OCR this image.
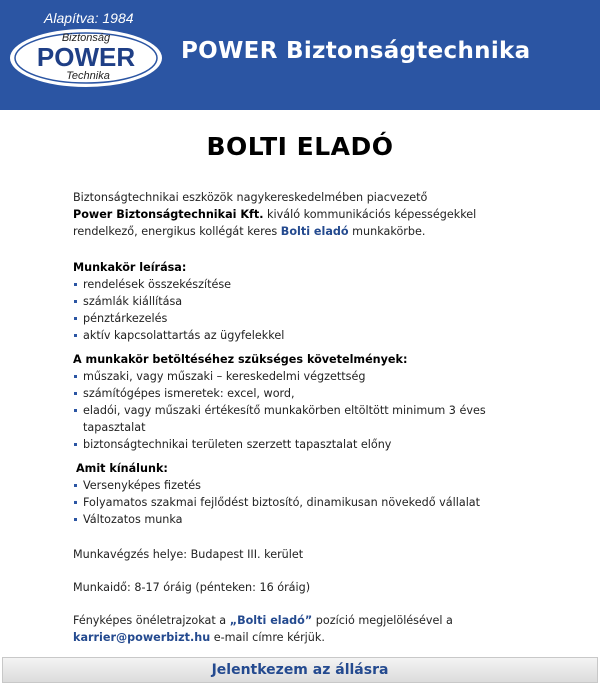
Alapítva: 1984
Biztonság
POWER
Technika
POWER Biztonságtechnika
BOLTI ELADÓ

Biztonságtechnikai eszközök nagykereskedelmében piacvezető
Power Biztonságtechnikai Kft. kiváló kommunikációs képességekkel rendelkező, energikus kollégát keres Bolti eladó munkakörbe.

Munkakör leírása:
rendelések összekészítése
számlák kiállítása
pénztárkezelés
aktív kapcsolattartás az ügyfelekkel
A munkakör betöltéséhez szükséges követelmények:
műszaki, vagy műszaki – kereskedelmi végzettség
számítógépes ismeretek: excel, word,
eladói, vagy műszaki értékesítő munkakörben eltöltött minimum 3 éves tapasztalat
biztonságtechnikai területen szerzett tapasztalat előny
Amit kínálunk:
Versenyképes fizetés
Folyamatos szakmai fejlődést biztosító, dinamikusan növekedő vállalat
Változatos munka

Munkavégzés helye: Budapest III. kerület

Munkaidő: 8-17 óráig (pénteken: 16 óráig)

Fényképes önéletrajzokat a „Bolti eladó” pozíció megjelölésével a
karrier@powerbizt.hu e-mail címre kérjük.

Jelentkezem az állásra
